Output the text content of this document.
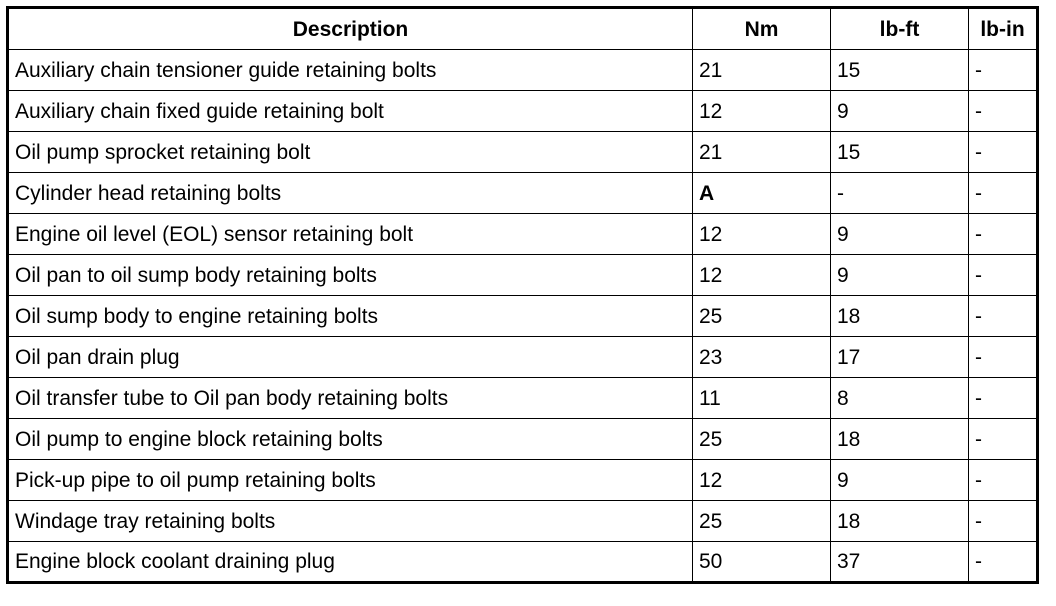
Description	Nm	lb-ft	lb-in
Auxiliary chain tensioner guide retaining bolts	21	15	-
Auxiliary chain fixed guide retaining bolt	12	9	-
Oil pump sprocket retaining bolt	21	15	-
Cylinder head retaining bolts	A	-	-
Engine oil level (EOL) sensor retaining bolt	12	9	-
Oil pan to oil sump body retaining bolts	12	9	-
Oil sump body to engine retaining bolts	25	18	-
Oil pan drain plug	23	17	-
Oil transfer tube to Oil pan body retaining bolts	11	8	-
Oil pump to engine block retaining bolts	25	18	-
Pick-up pipe to oil pump retaining bolts	12	9	-
Windage tray retaining bolts	25	18	-
Engine block coolant draining plug	50	37	-
